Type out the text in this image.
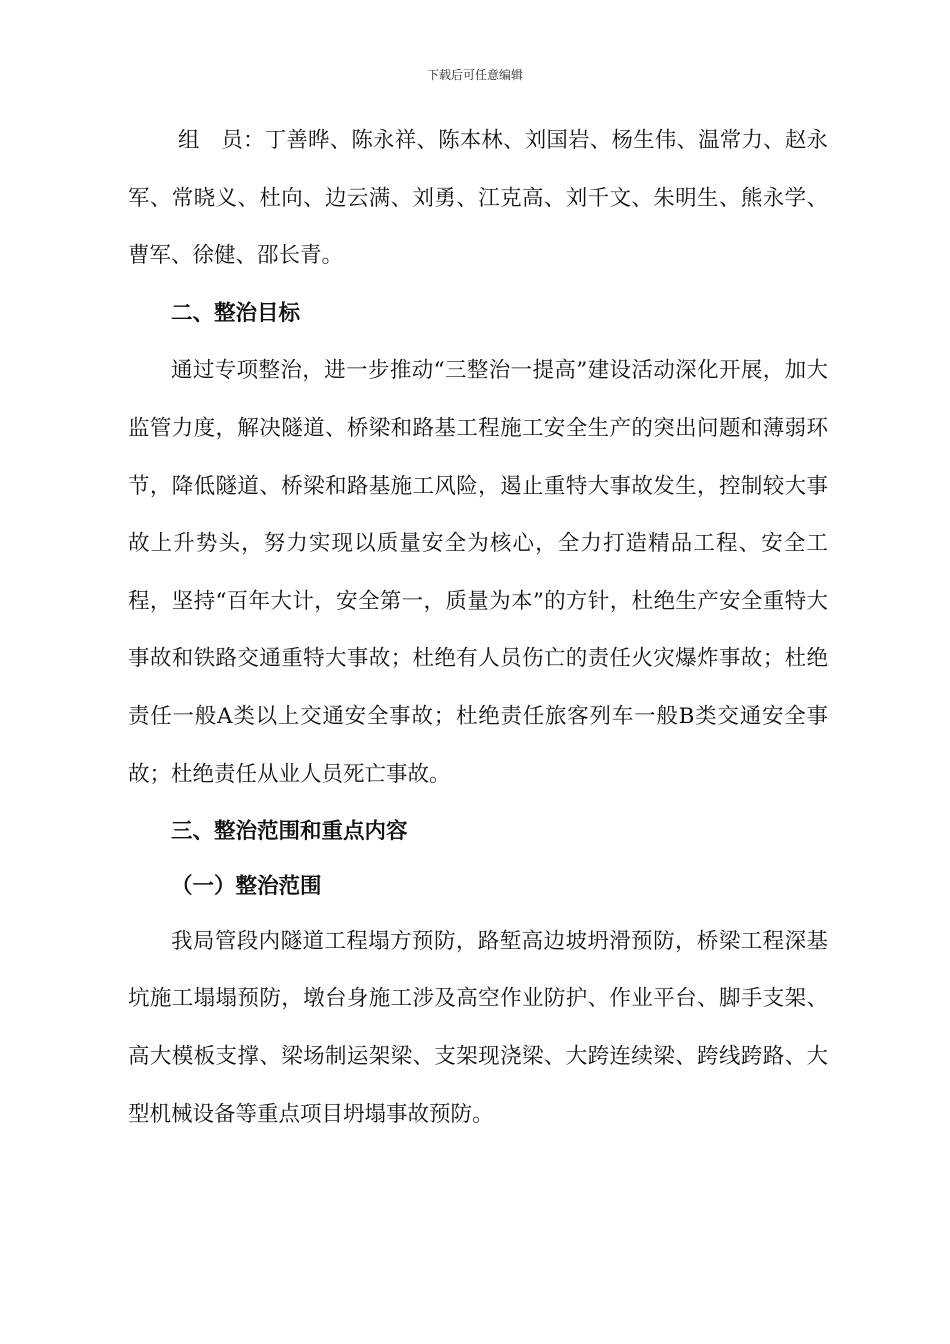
下载后可任意编辑

组　员：丁善晔、陈永祥、陈本林、刘国岩、杨生伟、温常力、赵永军、常晓义、杜向、边云满、刘勇、江克高、刘千文、朱明生、熊永学、曹军、徐健、邵长青。

二、整治目标

通过专项整治，进一步推动“三整治一提高”建设活动深化开展，加大监管力度，解决隧道、桥梁和路基工程施工安全生产的突出问题和薄弱环节，降低隧道、桥梁和路基施工风险，遏止重特大事故发生，控制较大事故上升势头，努力实现以质量安全为核心，全力打造精品工程、安全工程，坚持“百年大计，安全第一，质量为本”的方针，杜绝生产安全重特大事故和铁路交通重特大事故；杜绝有人员伤亡的责任火灾爆炸事故；杜绝责任一般A类以上交通安全事故；杜绝责任旅客列车一般B类交通安全事故；杜绝责任从业人员死亡事故。

三、整治范围和重点内容

（一）整治范围

我局管段内隧道工程塌方预防，路堑高边坡坍滑预防，桥梁工程深基坑施工塌塌预防，墩台身施工涉及高空作业防护、作业平台、脚手支架、高大模板支撑、梁场制运架梁、支架现浇梁、大跨连续梁、跨线跨路、大型机械设备等重点项目坍塌事故预防。
